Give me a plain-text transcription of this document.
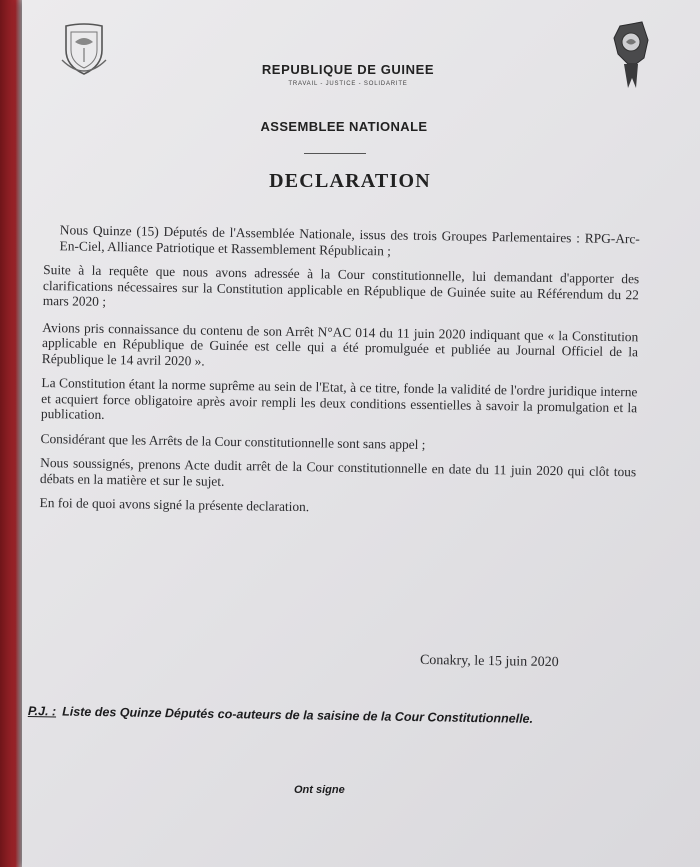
REPUBLIQUE DE GUINEE
TRAVAIL - JUSTICE - SOLIDARITE
ASSEMBLEE NATIONALE
DECLARATION

Nous Quinze (15) Députés de l'Assemblée Nationale, issus des trois Groupes Parlementaires : RPG-Arc-En-Ciel, Alliance Patriotique et Rassemblement Républicain ;

Suite à la requête que nous avons adressée à la Cour constitutionnelle, lui demandant d'apporter des clarifications nécessaires sur la Constitution applicable en République de Guinée suite au Référendum du 22 mars 2020 ;

Avions pris connaissance du contenu de son Arrêt N°AC 014 du 11 juin 2020 indiquant que « la Constitution applicable en République de Guinée est celle qui a été promulguée et publiée au Journal Officiel de la République le 14 avril 2020 ».

La Constitution étant la norme suprême au sein de l'Etat, à ce titre, fonde la validité de l'ordre juridique interne et acquiert force obligatoire après avoir rempli les deux conditions essentielles à savoir la promulgation et la publication.

Considérant que les Arrêts de la Cour constitutionnelle sont sans appel ;

Nous soussignés, prenons Acte dudit arrêt de la Cour constitutionnelle en date du 11 juin 2020 qui clôt tous débats en la matière et sur le sujet.

En foi de quoi avons signé la présente declaration.

Conakry, le 15 juin 2020
P.J. : Liste des Quinze Députés co-auteurs de la saisine de la Cour Constitutionnelle.
Ont signe
